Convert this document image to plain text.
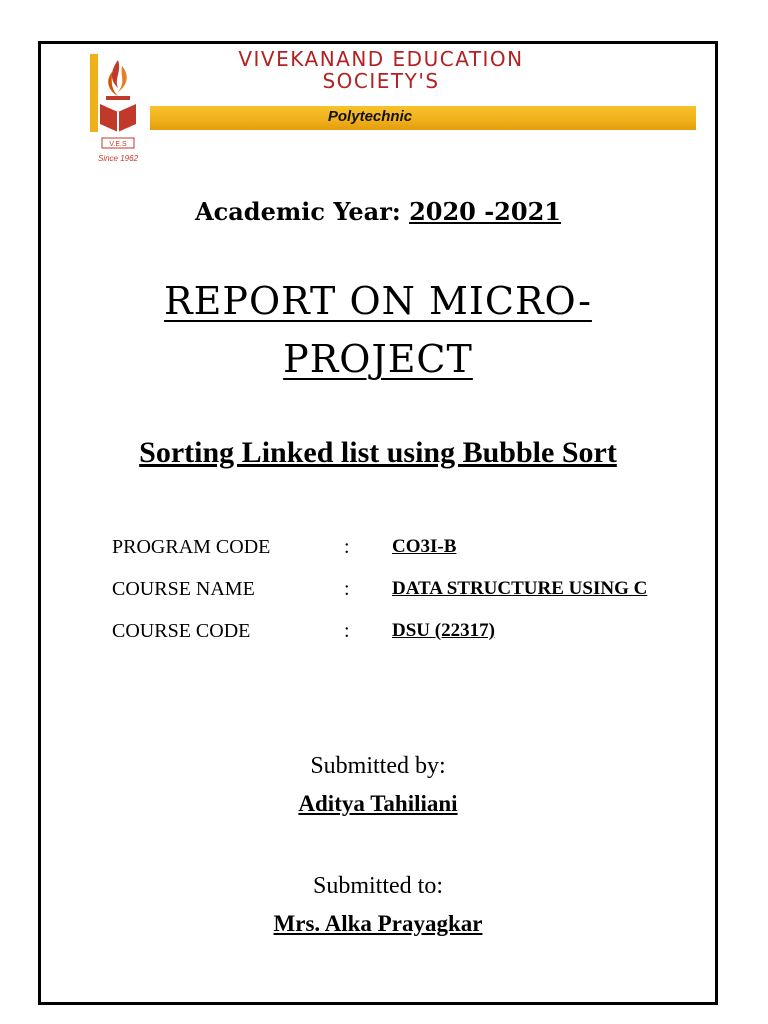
V.E.S
Since 1962
VIVEKANAND EDUCATION
SOCIETY'S
Polytechnic
Academic Year: 2020 -2021
REPORT ON MICRO-
PROJECT
Sorting Linked list using Bubble Sort
PROGRAM CODE	: CO3I-B
COURSE NAME	: DATA STRUCTURE USING C
COURSE CODE	: DSU (22317)
Submitted by:
Aditya Tahiliani
Submitted to:
Mrs. Alka Prayagkar
